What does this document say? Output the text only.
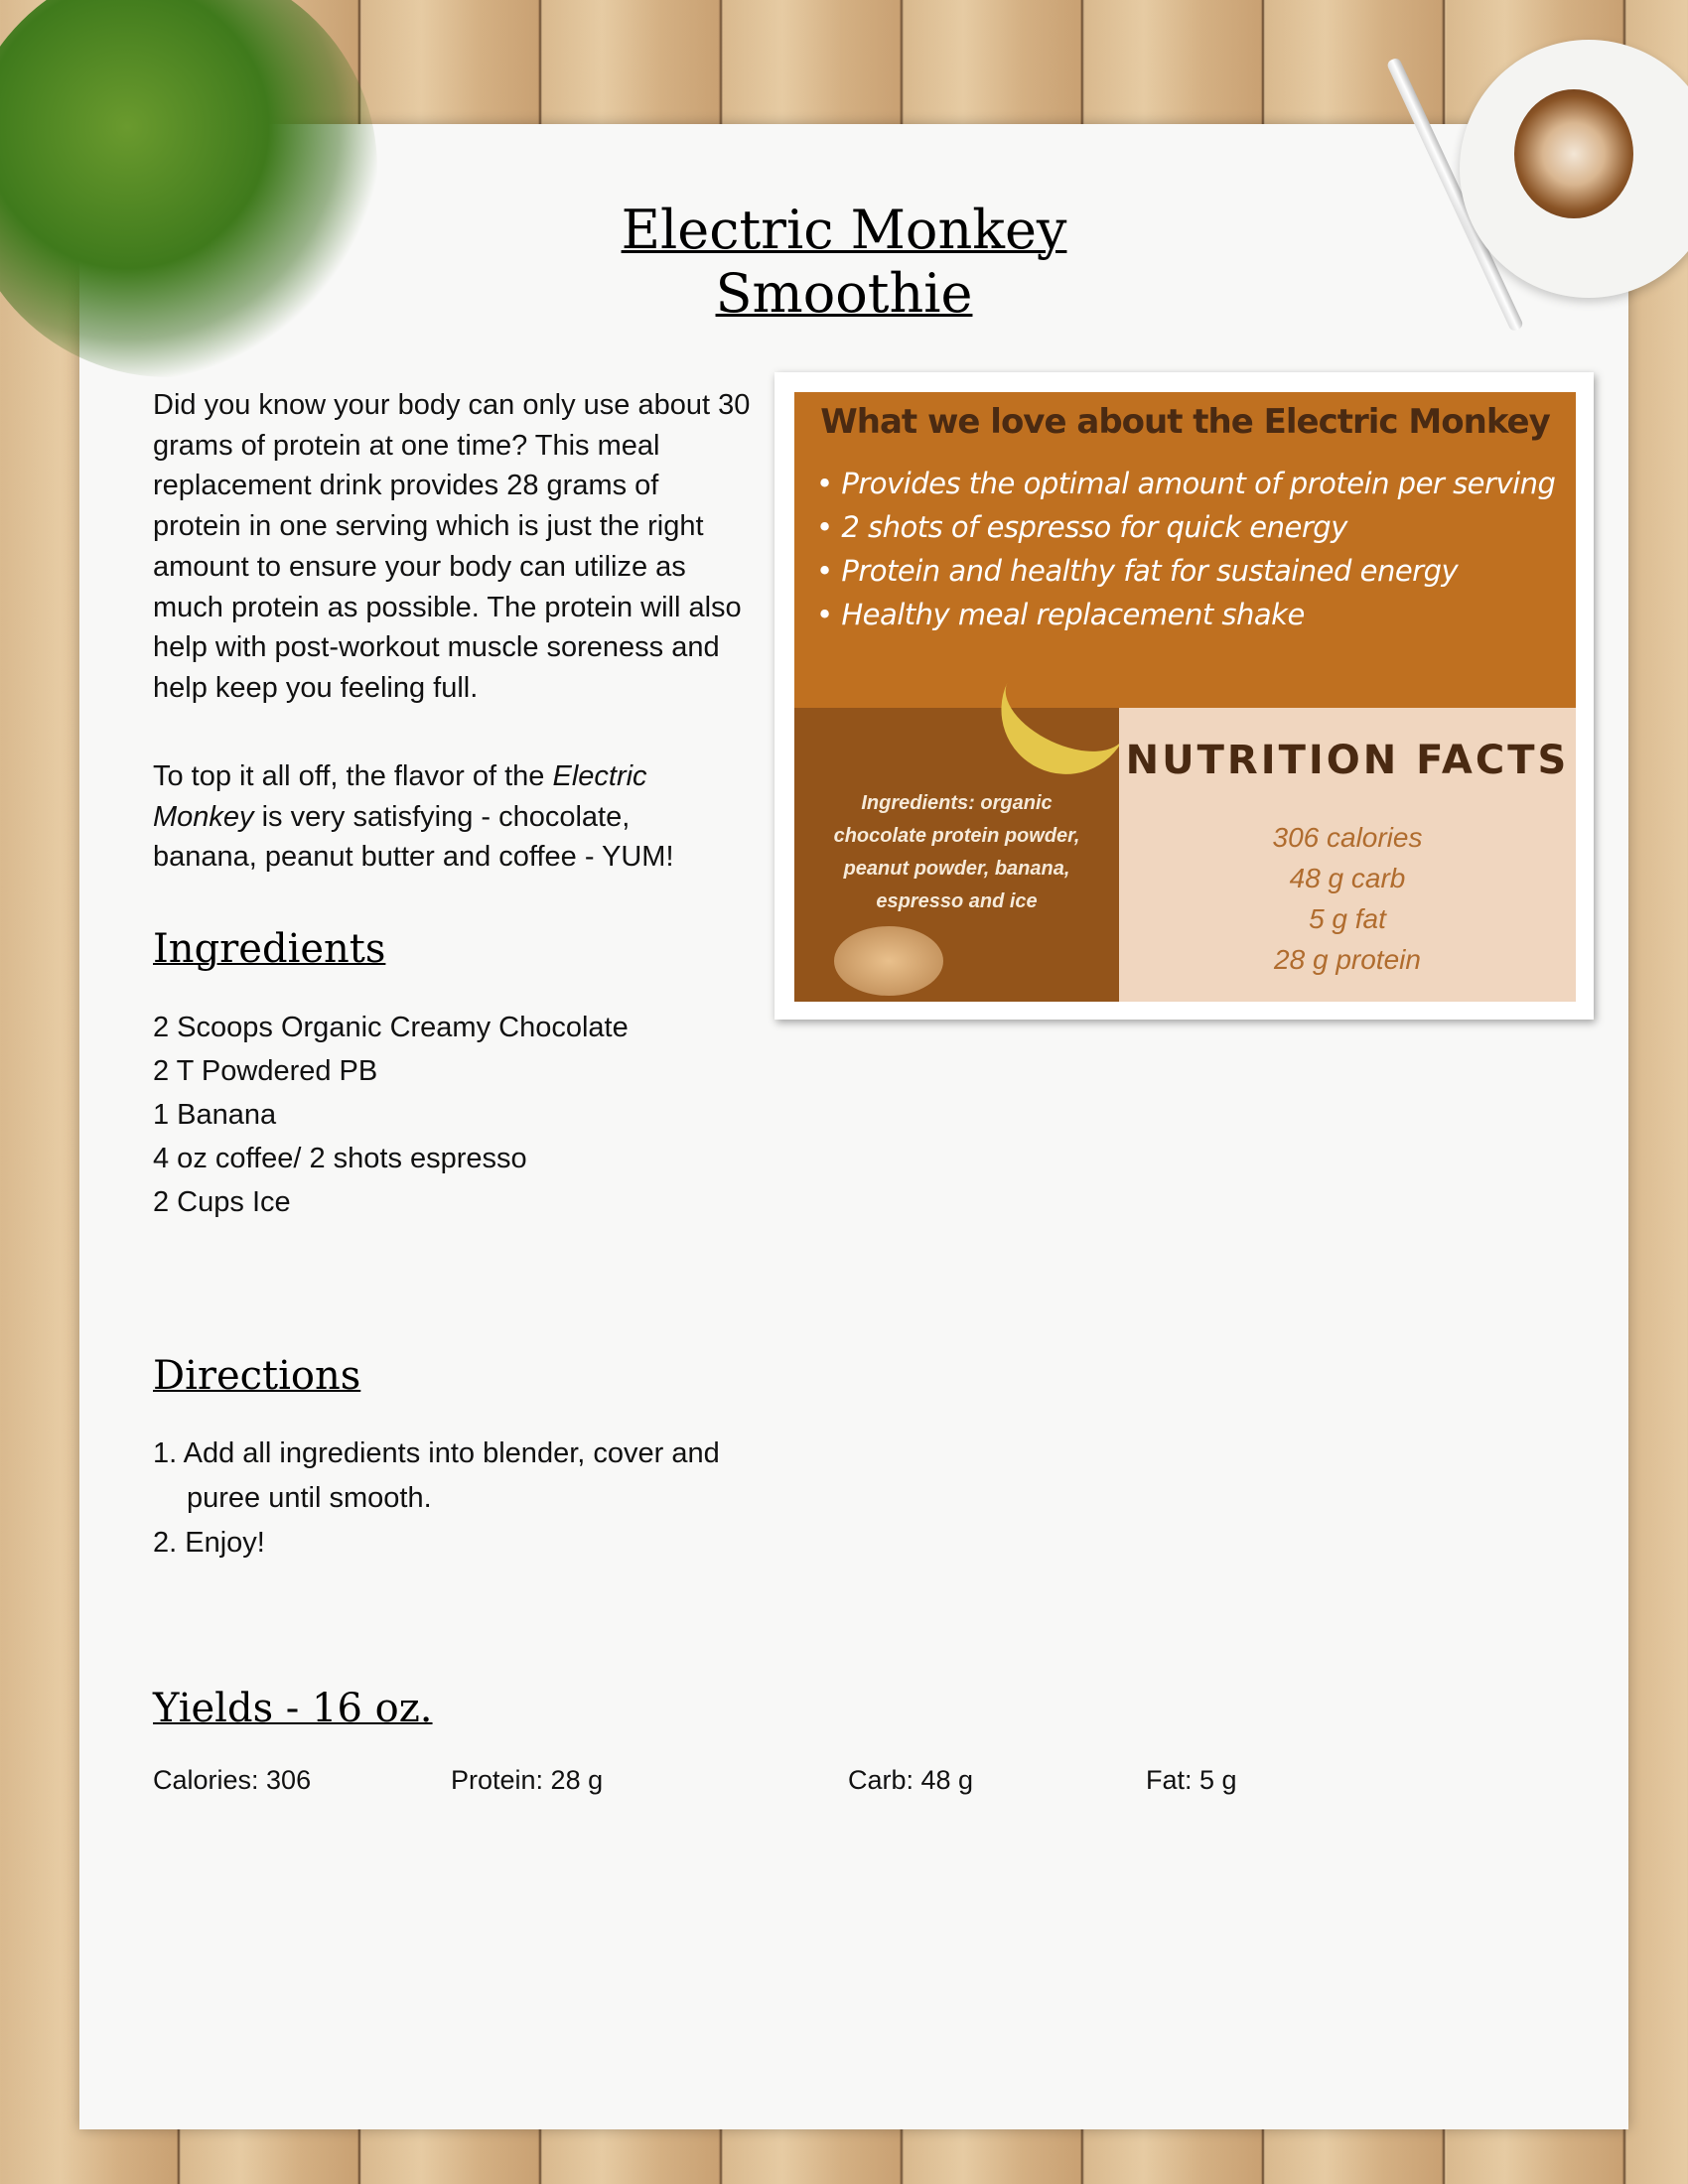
Electric Monkey
Smoothie
Did you know your body can only use about 30 grams of protein at one time? This meal replacement drink provides 28 grams of protein in one serving which is just the right amount to ensure your body can utilize as much protein as possible. The protein will also help with post-workout muscle soreness and help keep you feeling full.
To top it all off, the flavor of the Electric Monkey is very satisfying - chocolate, banana, peanut butter and coffee - YUM!
Ingredients
2 Scoops Organic Creamy Chocolate
2 T Powdered PB
1 Banana
4 oz coffee/ 2 shots espresso
2 Cups Ice
Directions
1. Add all ingredients into blender, cover and
puree until smooth.
2. Enjoy!
Yields - 16 oz.
Calories: 306	Protein: 28 g	Carb: 48 g	Fat: 5 g
What we love about the Electric Monkey
• Provides the optimal amount of protein per serving
• 2 shots of espresso for quick energy
• Protein and healthy fat for sustained energy
• Healthy meal replacement shake
Ingredients: organic
chocolate protein powder,
peanut powder, banana,
espresso and ice
NUTRITION FACTS
306 calories
48 g carb
5 g fat
28 g protein
